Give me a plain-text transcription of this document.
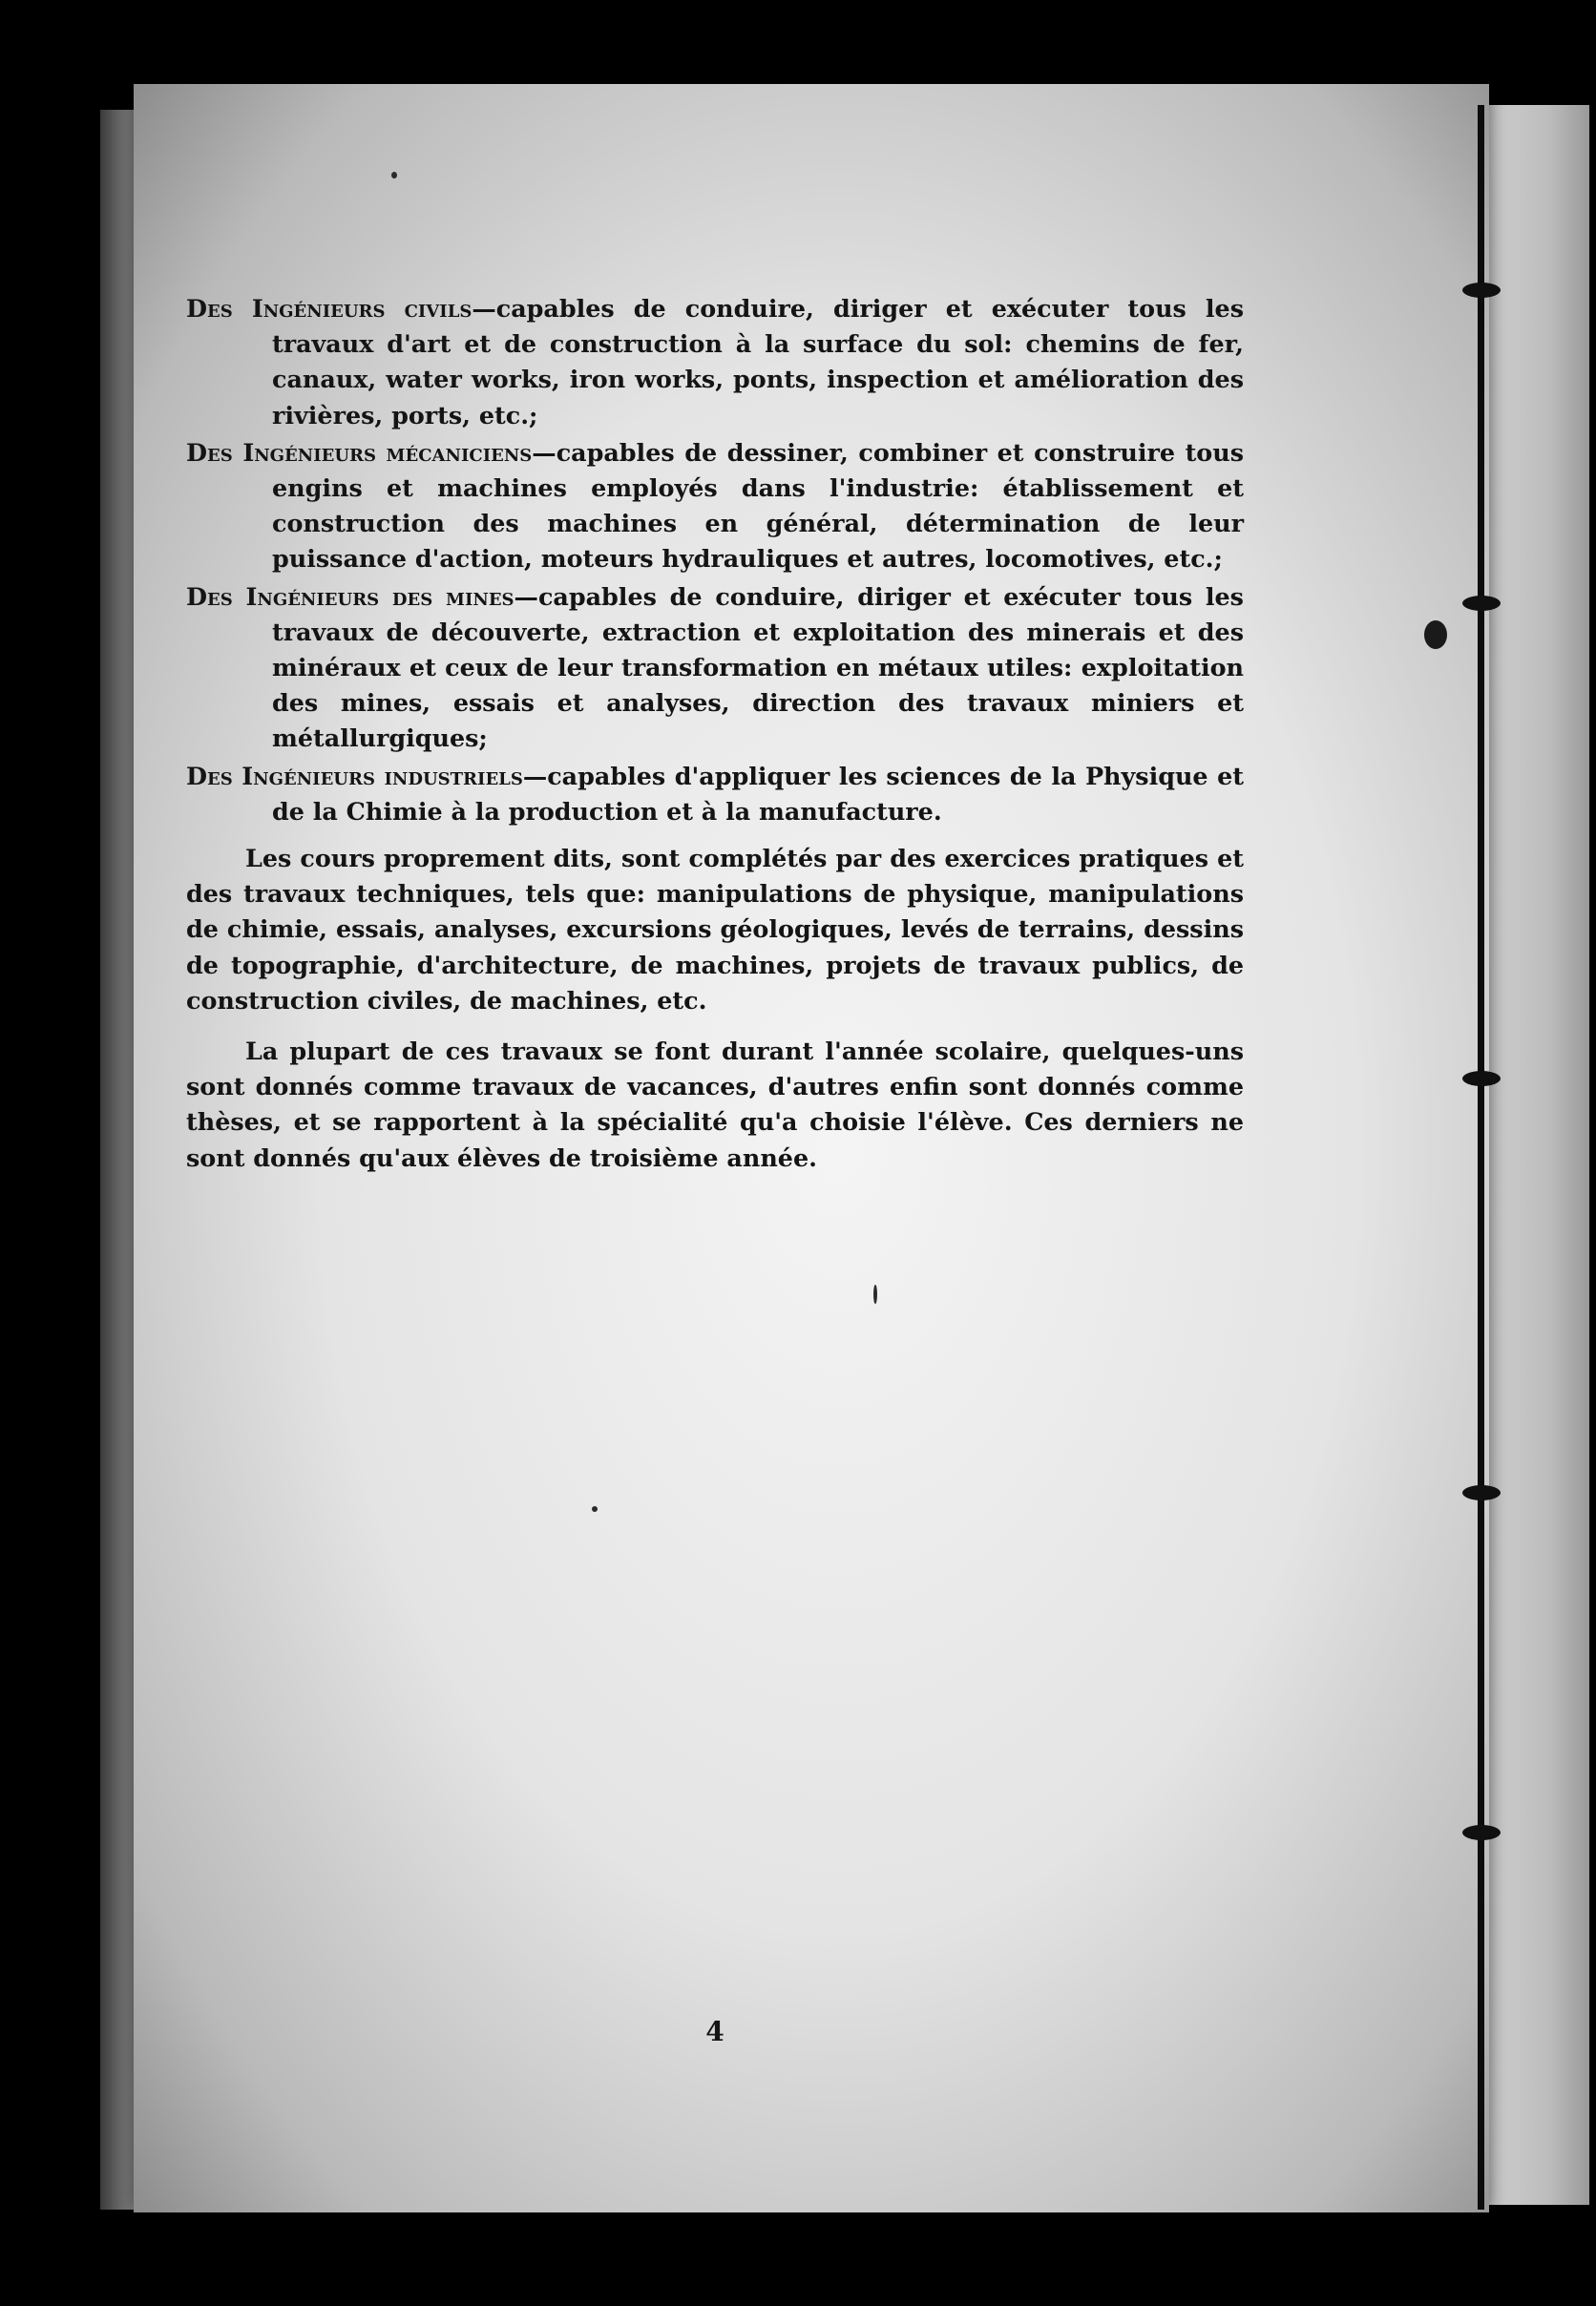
Des Ingénieurs civils—capables de conduire, diriger et exécuter tous les travaux d'art et de construction à la surface du sol: chemins de fer, canaux, water works, iron works, ponts, inspection et amélioration des rivières, ports, etc.;

Des Ingénieurs mécaniciens—capables de dessiner, combiner et construire tous engins et machines employés dans l'industrie: établissement et construction des machines en général, détermination de leur puissance d'action, moteurs hydrauliques et autres, locomotives, etc.;

Des Ingénieurs des mines—capables de conduire, diriger et exécuter tous les travaux de découverte, extraction et exploitation des minerais et des minéraux et ceux de leur transformation en métaux utiles: exploitation des mines, essais et analyses, direction des travaux miniers et métallurgiques;

Des Ingénieurs industriels—capables d'appliquer les sciences de la Physique et de la Chimie à la production et à la manufacture.

Les cours proprement dits, sont complétés par des exercices pratiques et des travaux techniques, tels que: manipulations de physique, manipulations de chimie, essais, analyses, excursions géologiques, levés de terrains, dessins de topographie, d'architecture, de machines, projets de travaux publics, de construction civiles, de machines, etc.

La plupart de ces travaux se font durant l'année scolaire, quelques-uns sont donnés comme travaux de vacances, d'autres enfin sont donnés comme thèses, et se rapportent à la spécialité qu'a choisie l'élève. Ces derniers ne sont donnés qu'aux élèves de troisième année.

4
